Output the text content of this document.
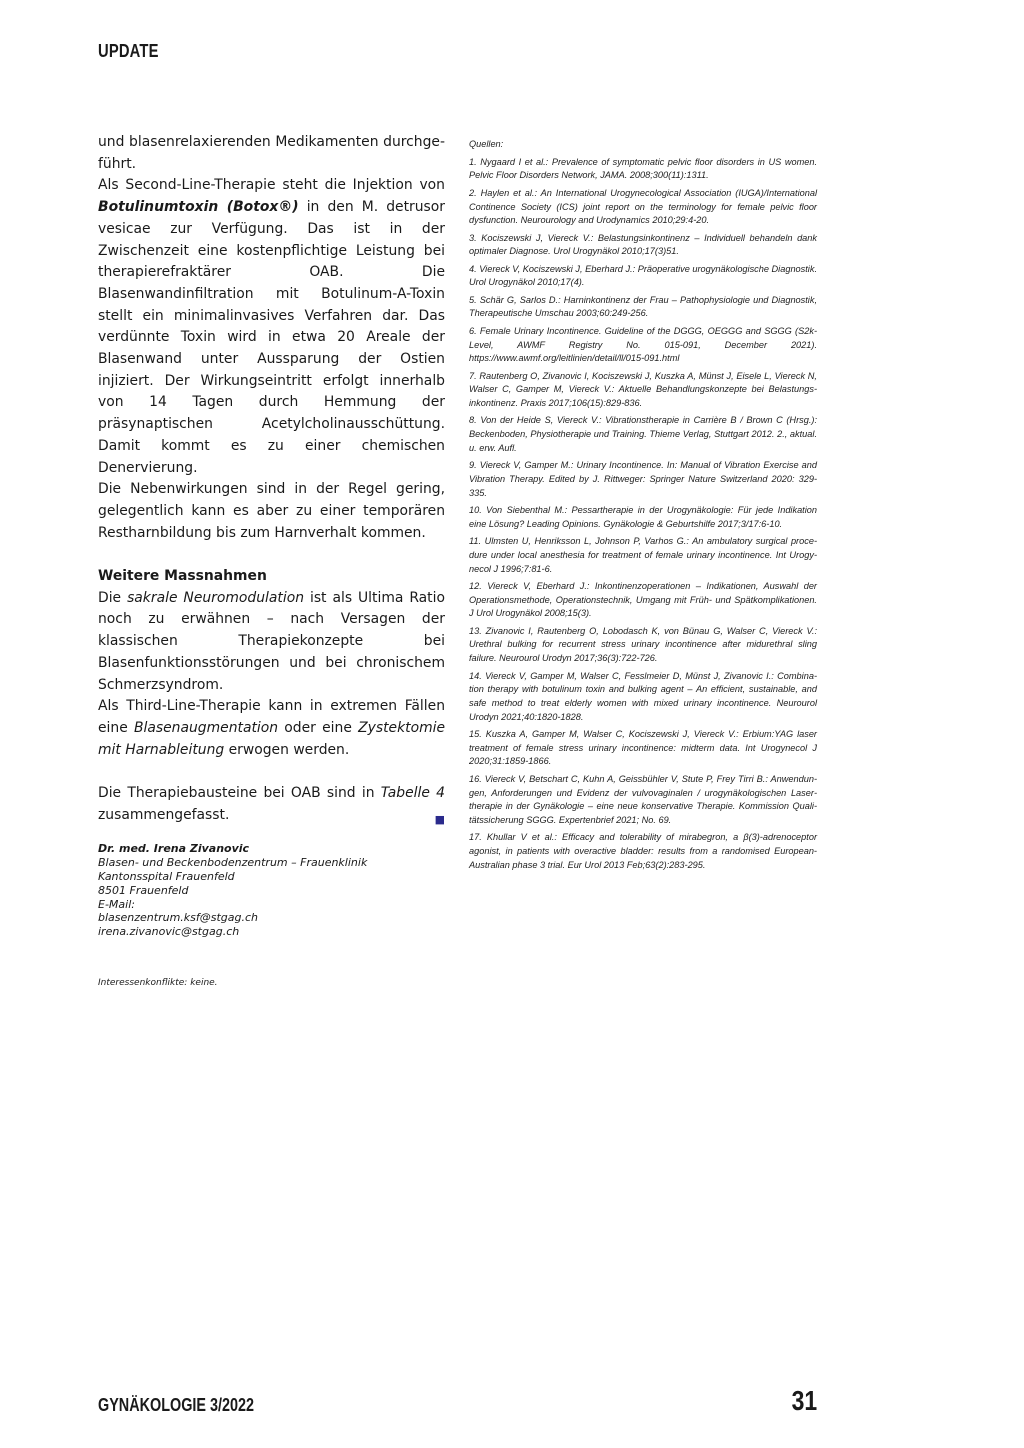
UPDATE

und blasenrelaxierenden Medikamenten durchgeführt.

Als Second-Line-Therapie steht die Injektion von Botulinumtoxin (Botox®) in den M. detrusor vesicae zur Verfügung. Das ist in der Zwischenzeit eine kostenpflichtige Leistung bei therapierefraktärer OAB. Die Blasenwandinfiltration mit Botulinum-A-Toxin stellt ein minimalinvasives Verfahren dar. Das verdünnte Toxin wird in etwa 20 Areale der Blasenwand unter Aussparung der Ostien injiziert. Der Wirkungseintritt erfolgt innerhalb von 14 Tagen durch Hemmung der präsynaptischen Acetylcholinausschüttung. Damit kommt es zu einer chemischen Denervierung.

Die Nebenwirkungen sind in der Regel gering, gelegentlich kann es aber zu einer temporären Restharnbildung bis zum Harnverhalt kommen.

Weitere Massnahmen

Die sakrale Neuromodulation ist als Ultima Ratio noch zu erwähnen – nach Versagen der klassischen Therapiekonzepte bei Blasenfunktionsstörungen und bei chronischem Schmerzsyndrom.

Als Third-Line-Therapie kann in extremen Fällen eine Blasenaugmentation oder eine Zystektomie mit Harnableitung erwogen werden.

Die Therapiebausteine bei OAB sind in Tabelle 4 zusammengefasst.	■

Dr. med. Irena Zivanovic
Blasen- und Beckenbodenzentrum – Frauenklinik
Kantonsspital Frauenfeld
8501 Frauenfeld
E-Mail:
blasenzentrum.ksf@stgag.ch
irena.zivanovic@stgag.ch
Interessenkonflikte: keine.

Quellen:

1. Nygaard I et al.: Prevalence of symptomatic pelvic floor disorders in US women. Pelvic Floor Disorders Network, JAMA. 2008;300(11):1311.
2. Haylen et al.: An International Urogynecological Association (IUGA)/International Continence Society (ICS) joint report on the terminology for female pelvic floor dysfunction. Neurourology and Urodynamics 2010;29:4-20.
3. Kociszewski J, Viereck V.: Belastungsinkontinenz – Individuell behandeln dank optimaler Diagnose. Urol Urogynäkol 2010;17(3)51.
4. Viereck V, Kociszewski J, Eberhard J.: Präoperative urogynäkologische Diagnostik. Urol Urogynäkol 2010;17(4).
5. Schär G, Sarlos D.: Harninkontinenz der Frau – Pathophysiologie und Diagnostik, Therapeutische Umschau 2003;60:249-256.
6. Female Urinary Incontinence. Guideline of the DGGG, OEGGG and SGGG (S2k-Level, AWMF Registry No. 015-091, December 2021). https://www.awmf.org/leitlinien/detail/ll/015-091.html
7. Rautenberg O, Zivanovic I, Kociszewski J, Kuszka A, Münst J, Eisele L, Viereck N, Walser C, Gamper M, Viereck V.: Aktuelle Behandlungskonzepte bei Belastungsinkontinenz. Praxis 2017;106(15):829-836.
8. Von der Heide S, Viereck V.: Vibrationstherapie in Carrière B / Brown C (Hrsg.): Beckenboden, Physiotherapie und Training. Thieme Verlag, Stuttgart 2012. 2., aktual. u. erw. Aufl.
9. Viereck V, Gamper M.: Urinary Incontinence. In: Manual of Vibration Exercise and Vibration Therapy. Edited by J. Rittweger: Springer Nature Switzerland 2020: 329-335.
10. Von Siebenthal M.: Pessartherapie in der Urogynäkologie: Für jede Indikation eine Lösung? Leading Opinions. Gynäkologie & Geburtshilfe 2017;3/17:6-10.
11. Ulmsten U, Henriksson L, Johnson P, Varhos G.: An ambulatory surgical procedure under local anesthesia for treatment of female urinary incontinence. Int Urogynecol J 1996;7:81-6.
12. Viereck V, Eberhard J.: Inkontinenzoperationen – Indikationen, Auswahl der Operationsmethode, Operationstechnik, Umgang mit Früh- und Spätkomplikationen. J Urol Urogynäkol 2008;15(3).
13. Zivanovic I, Rautenberg O, Lobodasch K, von Bünau G, Walser C, Viereck V.: Urethral bulking for recurrent stress urinary incontinence after midurethral sling failure. Neurourol Urodyn 2017;36(3):722-726.
14. Viereck V, Gamper M, Walser C, Fesslmeier D, Münst J, Zivanovic I.: Combination therapy with botulinum toxin and bulking agent – An efficient, sustainable, and safe method to treat elderly women with mixed urinary incontinence. Neurourol Urodyn 2021;40:1820-1828.
15. Kuszka A, Gamper M, Walser C, Kociszewski J, Viereck V.: Erbium:YAG laser treatment of female stress urinary incontinence: midterm data. Int Urogynecol J 2020;31:1859-1866.
16. Viereck V, Betschart C, Kuhn A, Geissbühler V, Stute P, Frey Tirri B.: Anwendungen, Anforderungen und Evidenz der vulvovaginalen / urogynäkologischen Lasertherapie in der Gynäkologie – eine neue konservative Therapie. Kommission Qualitätssicherung SGGG. Expertenbrief 2021; No. 69.
17. Khullar V et al.: Efficacy and tolerability of mirabegron, a β(3)-adrenoceptor agonist, in patients with overactive bladder: results from a randomised European-Australian phase 3 trial. Eur Urol 2013 Feb;63(2):283-295.
GYNÄKOLOGIE 3/2022	31
